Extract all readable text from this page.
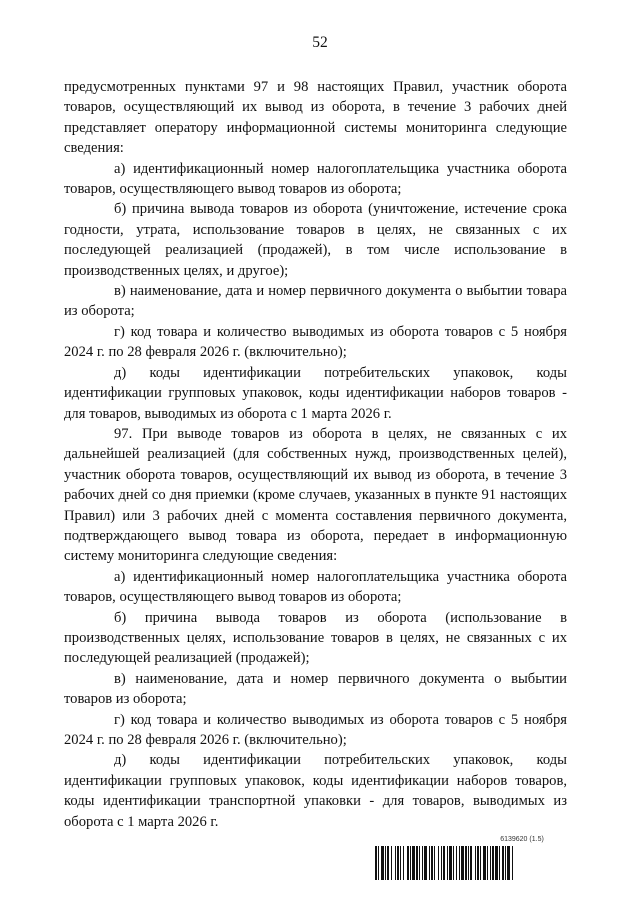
52

предусмотренных пунктами 97 и 98 настоящих Правил, участник оборота товаров, осуществляющий их вывод из оборота, в течение 3 рабочих дней представляет оператору информационной системы мониторинга следующие сведения:

а) идентификационный номер налогоплательщика участника оборота товаров, осуществляющего вывод товаров из оборота;

б) причина вывода товаров из оборота (уничтожение, истечение срока годности, утрата, использование товаров в целях, не связанных с их последующей реализацией (продажей), в том числе использование в производственных целях, и другое);

в) наименование, дата и номер первичного документа о выбытии товара из оборота;

г) код товара и количество выводимых из оборота товаров с 5 ноября 2024 г. по 28 февраля 2026 г. (включительно);

д) коды идентификации потребительских упаковок, коды идентификации групповых упаковок, коды идентификации наборов товаров - для товаров, выводимых из оборота с 1 марта 2026 г.

97. При выводе товаров из оборота в целях, не связанных с их дальнейшей реализацией (для собственных нужд, производственных целей), участник оборота товаров, осуществляющий их вывод из оборота, в течение 3 рабочих дней со дня приемки (кроме случаев, указанных в пункте 91 настоящих Правил) или 3 рабочих дней с момента составления первичного документа, подтверждающего вывод товара из оборота, передает в информационную систему мониторинга следующие сведения:

а) идентификационный номер налогоплательщика участника оборота товаров, осуществляющего вывод товаров из оборота;

б) причина вывода товаров из оборота (использование в производственных целях, использование товаров в целях, не связанных с их последующей реализацией (продажей);

в) наименование, дата и номер первичного документа о выбытии товаров из оборота;

г) код товара и количество выводимых из оборота товаров с 5 ноября 2024 г. по 28 февраля 2026 г. (включительно);

д) коды идентификации потребительских упаковок, коды идентификации групповых упаковок, коды идентификации наборов товаров, коды идентификации транспортной упаковки - для товаров, выводимых из оборота с 1 марта 2026 г.

6139620 (1.5)
